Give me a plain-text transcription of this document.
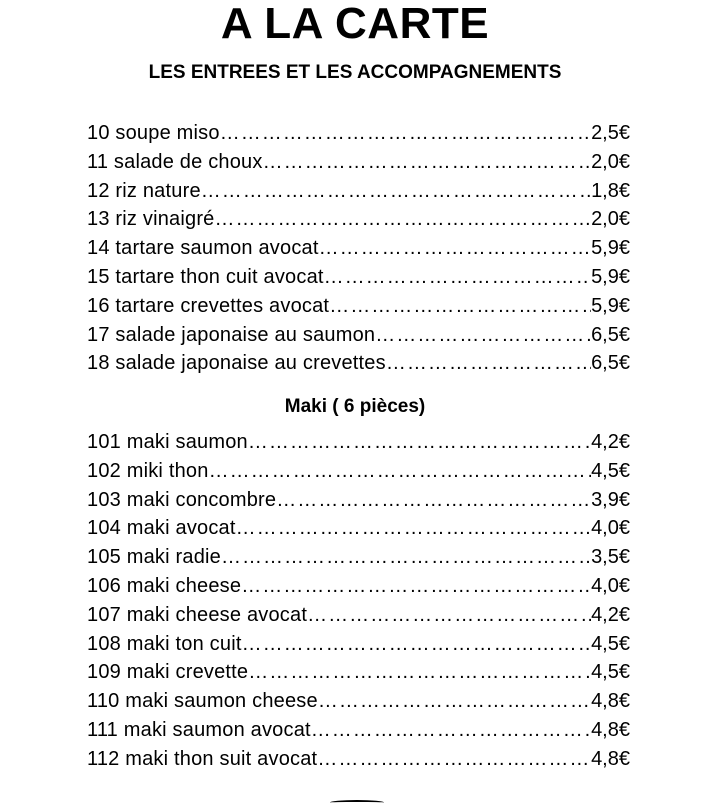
A LA CARTE
LES ENTREES ET LES ACCOMPAGNEMENTS
10 soupe miso ……………………………………………………………………………………………………	2,5€
11 salade de choux ……………………………………………………………………………………………………	2,0€
12 riz nature ……………………………………………………………………………………………………	1,8€
13 riz vinaigré ……………………………………………………………………………………………………	2,0€
14 tartare saumon avocat ……………………………………………………………………………………………………	5,9€
15 tartare thon cuit avocat ……………………………………………………………………………………………………	5,9€
16 tartare crevettes avocat ……………………………………………………………………………………………………	5,9€
17 salade japonaise au saumon ……………………………………………………………………………………………………	6,5€
18 salade japonaise au crevettes ……………………………………………………………………………………………………	6,5€
Maki ( 6 pièces)
101 maki saumon ……………………………………………………………………………………………………	4,2€
102 miki thon ……………………………………………………………………………………………………	4,5€
103 maki concombre ……………………………………………………………………………………………………	3,9€
104 maki avocat ……………………………………………………………………………………………………	4,0€
105 maki radie ……………………………………………………………………………………………………	3,5€
106 maki cheese ……………………………………………………………………………………………………	4,0€
107 maki cheese avocat ……………………………………………………………………………………………………	4,2€
108 maki ton cuit ……………………………………………………………………………………………………	4,5€
109 maki crevette ……………………………………………………………………………………………………	4,5€
110 maki saumon cheese ……………………………………………………………………………………………………	4,8€
111 maki saumon avocat ……………………………………………………………………………………………………	4,8€
112 maki thon suit avocat ……………………………………………………………………………………………………	4,8€
